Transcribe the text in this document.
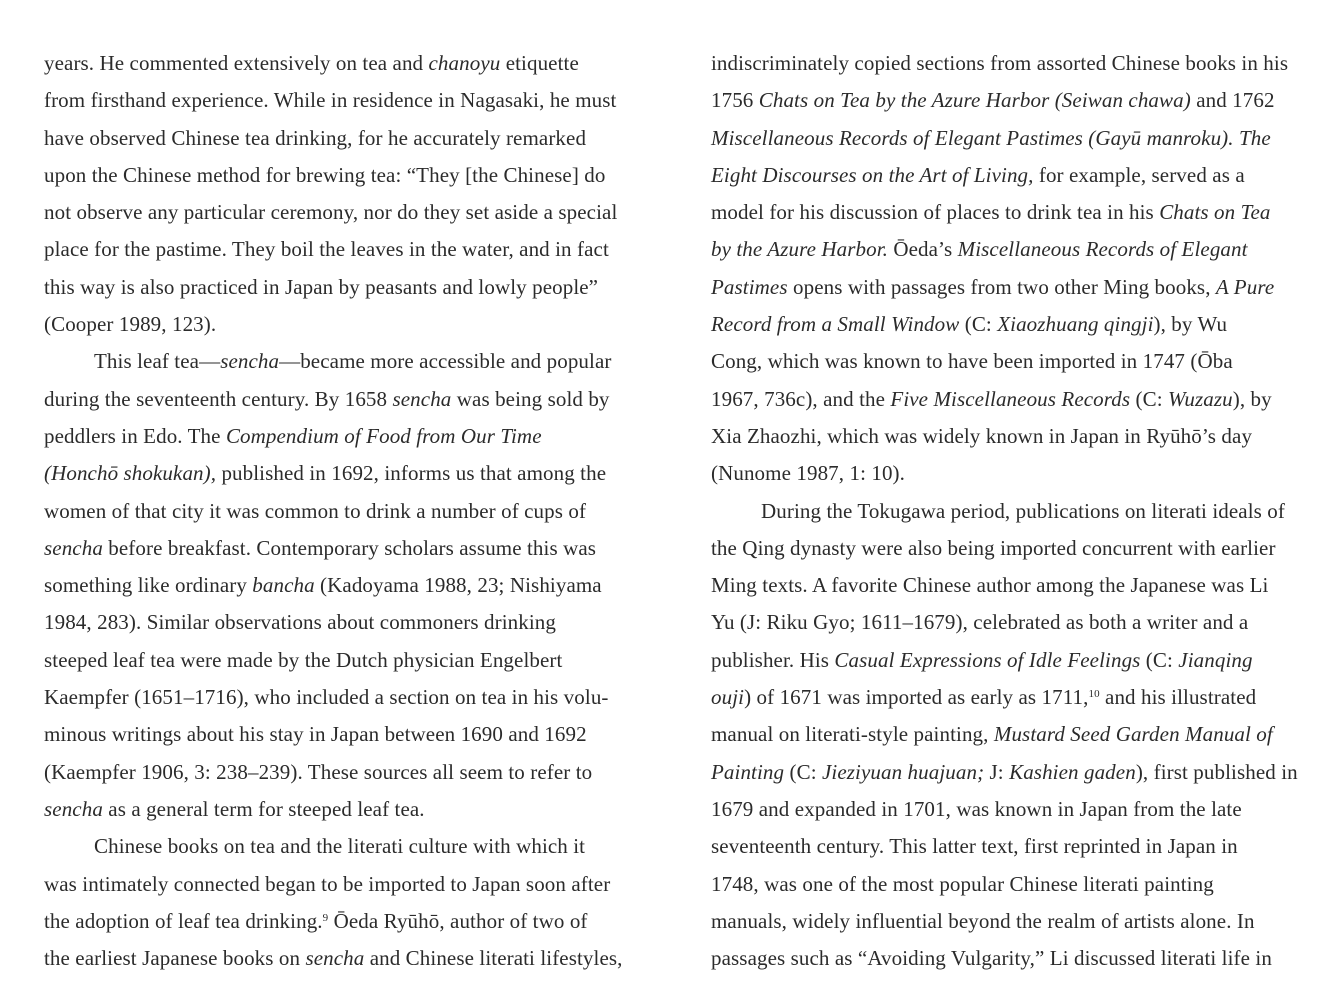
years. He commented extensively on tea and chanoyu etiquette
from firsthand experience. While in residence in Nagasaki, he must
have observed Chinese tea drinking, for he accurately remarked
upon the Chinese method for brewing tea: “They [the Chinese] do
not observe any particular ceremony, nor do they set aside a special
place for the pastime. They boil the leaves in the water, and in fact
this way is also practiced in Japan by peasants and lowly people”
(Cooper 1989, 123).
This leaf tea—sencha—became more accessible and popular
during the seventeenth century. By 1658 sencha was being sold by
peddlers in Edo. The Compendium of Food from Our Time
(Honchō shokukan), published in 1692, informs us that among the
women of that city it was common to drink a number of cups of
sencha before breakfast. Contemporary scholars assume this was
something like ordinary bancha (Kadoyama 1988, 23; Nishiyama
1984, 283). Similar observations about commoners drinking
steeped leaf tea were made by the Dutch physician Engelbert
Kaempfer (1651–1716), who included a section on tea in his volu-
minous writings about his stay in Japan between 1690 and 1692
(Kaempfer 1906, 3: 238–239). These sources all seem to refer to
sencha as a general term for steeped leaf tea.
Chinese books on tea and the literati culture with which it
was intimately connected began to be imported to Japan soon after
the adoption of leaf tea drinking.$^9$ Ōeda Ryūhō, author of two of
the earliest Japanese books on sencha and Chinese literati lifestyles,
indiscriminately copied sections from assorted Chinese books in his
1756 Chats on Tea by the Azure Harbor (Seiwan chawa) and 1762
Miscellaneous Records of Elegant Pastimes (Gayū manroku). The
Eight Discourses on the Art of Living, for example, served as a
model for his discussion of places to drink tea in his Chats on Tea
by the Azure Harbor. Ōeda’s Miscellaneous Records of Elegant
Pastimes opens with passages from two other Ming books, A Pure
Record from a Small Window (C: Xiaozhuang qingji), by Wu
Cong, which was known to have been imported in 1747 (Ōba
1967, 736c), and the Five Miscellaneous Records (C: Wuzazu), by
Xia Zhaozhi, which was widely known in Japan in Ryūhō’s day
(Nunome 1987, 1: 10).
During the Tokugawa period, publications on literati ideals of
the Qing dynasty were also being imported concurrent with earlier
Ming texts. A favorite Chinese author among the Japanese was Li
Yu (J: Riku Gyo; 1611–1679), celebrated as both a writer and a
publisher. His Casual Expressions of Idle Feelings (C: Jianqing
ouji) of 1671 was imported as early as 1711,10 and his illustrated
manual on literati-style painting, Mustard Seed Garden Manual of
Painting (C: Jieziyuan huajuan; J: Kashien gaden), first published in
1679 and expanded in 1701, was known in Japan from the late
seventeenth century. This latter text, first reprinted in Japan in
1748, was one of the most popular Chinese literati painting
manuals, widely influential beyond the realm of artists alone. In
passages such as “Avoiding Vulgarity,” Li discussed literati life in
